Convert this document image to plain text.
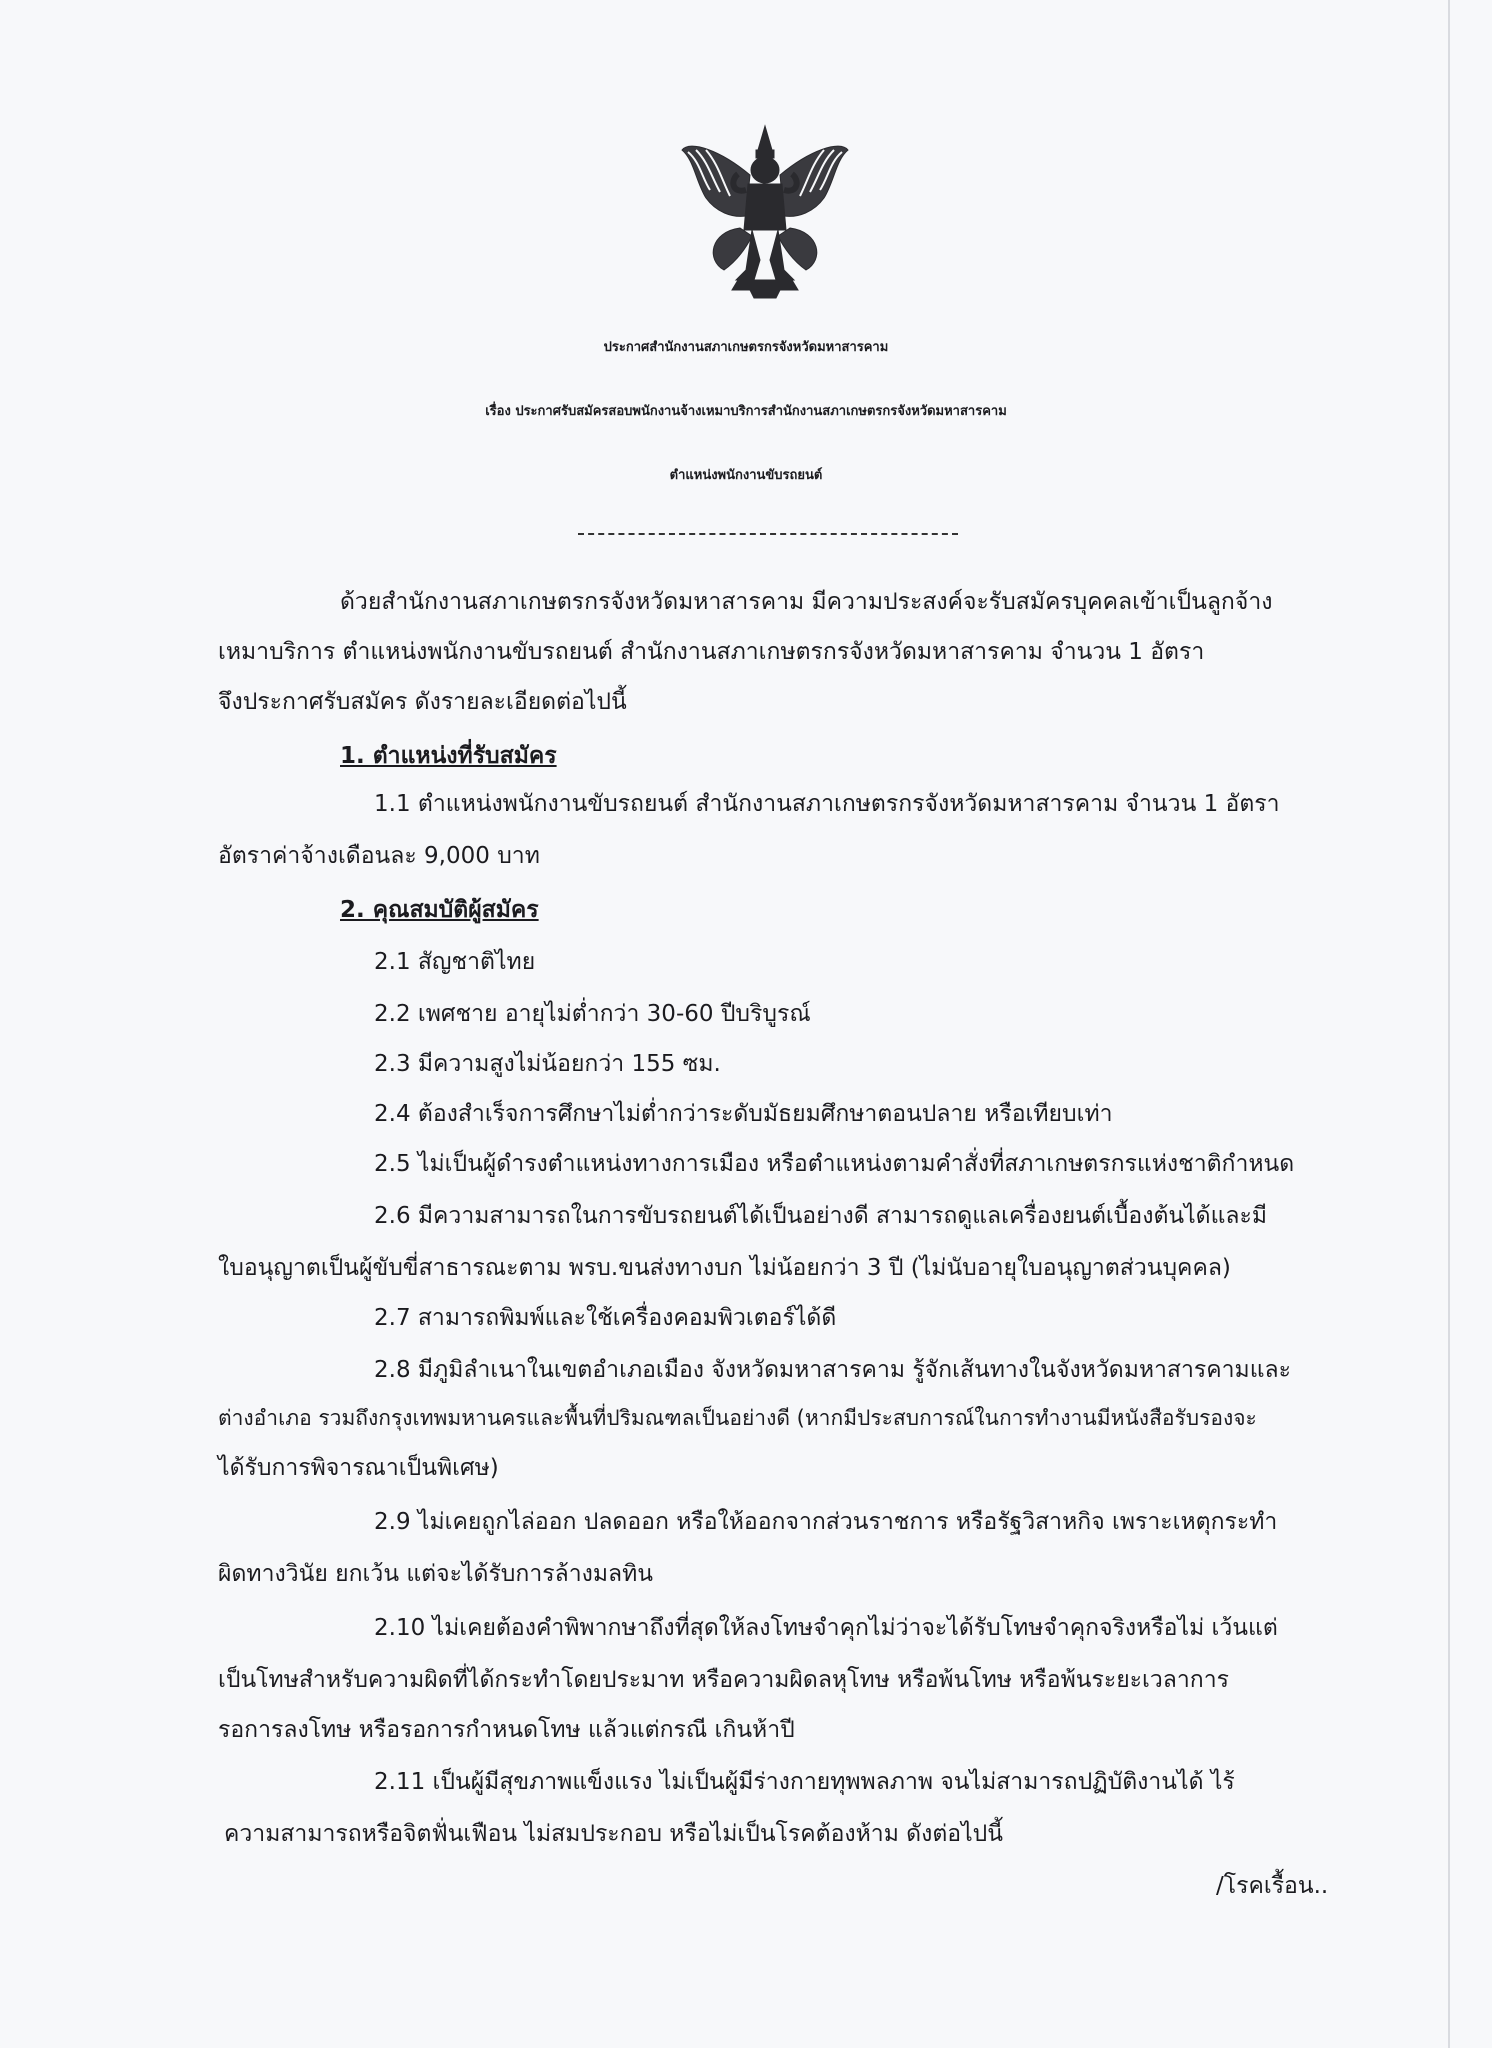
ประกาศสำนักงานสภาเกษตรกรจังหวัดมหาสารคาม
เรื่อง ประกาศรับสมัครสอบพนักงานจ้างเหมาบริการสำนักงานสภาเกษตรกรจังหวัดมหาสารคาม
ตำแหน่งพนักงานขับรถยนต์
ด้วยสำนักงานสภาเกษตรกรจังหวัดมหาสารคาม มีความประสงค์จะรับสมัครบุคคลเข้าเป็นลูกจ้าง
เหมาบริการ ตำแหน่งพนักงานขับรถยนต์ สำนักงานสภาเกษตรกรจังหวัดมหาสารคาม จำนวน 1 อัตรา
จึงประกาศรับสมัคร ดังรายละเอียดต่อไปนี้
1. ตำแหน่งที่รับสมัคร
1.1 ตำแหน่งพนักงานขับรถยนต์ สำนักงานสภาเกษตรกรจังหวัดมหาสารคาม จำนวน 1 อัตรา
อัตราค่าจ้างเดือนละ 9,000 บาท
2. คุณสมบัติผู้สมัคร
2.1 สัญชาติไทย
2.2 เพศชาย อายุไม่ต่ำกว่า 30-60 ปีบริบูรณ์
2.3 มีความสูงไม่น้อยกว่า 155 ซม.
2.4 ต้องสำเร็จการศึกษาไม่ต่ำกว่าระดับมัธยมศึกษาตอนปลาย หรือเทียบเท่า
2.5 ไม่เป็นผู้ดำรงตำแหน่งทางการเมือง หรือตำแหน่งตามคำสั่งที่สภาเกษตรกรแห่งชาติกำหนด
2.6 มีความสามารถในการขับรถยนต์ได้เป็นอย่างดี สามารถดูแลเครื่องยนต์เบื้องต้นได้และมี
ใบอนุญาตเป็นผู้ขับขี่สาธารณะตาม พรบ.ขนส่งทางบก ไม่น้อยกว่า 3 ปี (ไม่นับอายุใบอนุญาตส่วนบุคคล)
2.7 สามารถพิมพ์และใช้เครื่องคอมพิวเตอร์ได้ดี
2.8 มีภูมิลำเนาในเขตอำเภอเมือง จังหวัดมหาสารคาม รู้จักเส้นทางในจังหวัดมหาสารคามและ
ต่างอำเภอ รวมถึงกรุงเทพมหานครและพื้นที่ปริมณฑลเป็นอย่างดี (หากมีประสบการณ์ในการทำงานมีหนังสือรับรองจะ
ได้รับการพิจารณาเป็นพิเศษ)
2.9 ไม่เคยถูกไล่ออก ปลดออก หรือให้ออกจากส่วนราชการ หรือรัฐวิสาหกิจ เพราะเหตุกระทำ
ผิดทางวินัย ยกเว้น แต่จะได้รับการล้างมลทิน
2.10 ไม่เคยต้องคำพิพากษาถึงที่สุดให้ลงโทษจำคุกไม่ว่าจะได้รับโทษจำคุกจริงหรือไม่ เว้นแต่
เป็นโทษสำหรับความผิดที่ได้กระทำโดยประมาท หรือความผิดลหุโทษ หรือพ้นโทษ หรือพ้นระยะเวลาการ
รอการลงโทษ หรือรอการกำหนดโทษ แล้วแต่กรณี เกินห้าปี
2.11 เป็นผู้มีสุขภาพแข็งแรง ไม่เป็นผู้มีร่างกายทุพพลภาพ จนไม่สามารถปฏิบัติงานได้ ไร้
ความสามารถหรือจิตฟั่นเฟือน ไม่สมประกอบ หรือไม่เป็นโรคต้องห้าม ดังต่อไปนี้
/โรคเรื้อน..
